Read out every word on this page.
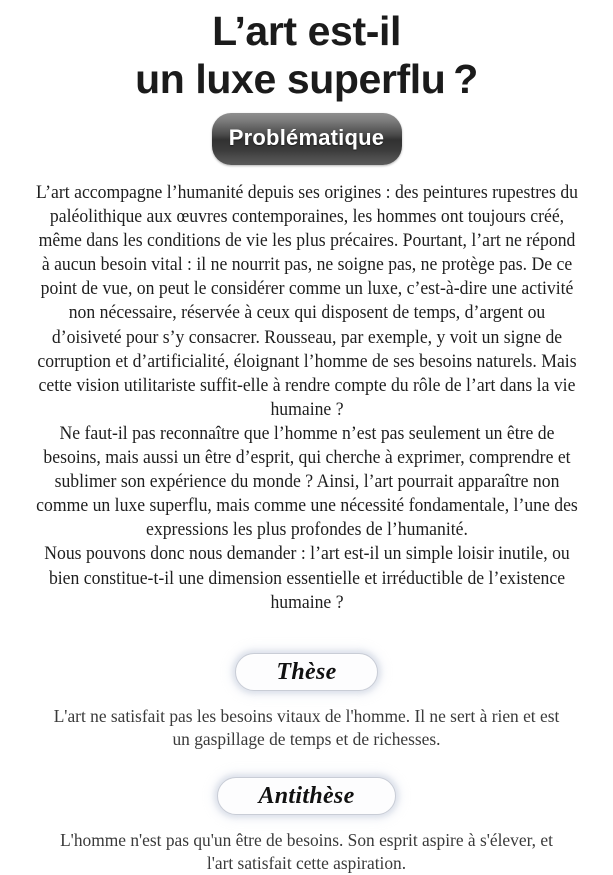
L’art est-il
un luxe superflu ?
Problématique

L’art accompagne l’humanité depuis ses origines : des peintures rupestres du paléolithique aux œuvres contemporaines, les hommes ont toujours créé, même dans les conditions de vie les plus précaires. Pourtant, l’art ne répond à aucun besoin vital : il ne nourrit pas, ne soigne pas, ne protège pas. De ce point de vue, on peut le considérer comme un luxe, c’est-à-dire une activité non nécessaire, réservée à ceux qui disposent de temps, d’argent ou d’oisiveté pour s’y consacrer. Rousseau, par exemple, y voit un signe de corruption et d’artificialité, éloignant l’homme de ses besoins naturels. Mais cette vision utilitariste suffit-elle à rendre compte du rôle de l’art dans la vie humaine ?

Ne faut-il pas reconnaître que l’homme n’est pas seulement un être de besoins, mais aussi un être d’esprit, qui cherche à exprimer, comprendre et sublimer son expérience du monde ? Ainsi, l’art pourrait apparaître non comme un luxe superflu, mais comme une nécessité fondamentale, l’une des expressions les plus profondes de l’humanité.

Nous pouvons donc nous demander : l’art est-il un simple loisir inutile, ou bien constitue-t-il une dimension essentielle et irréductible de l’existence humaine ?

Thèse

L'art ne satisfait pas les besoins vitaux de l'homme. Il ne sert à rien et est un gaspillage de temps et de richesses.

Antithèse

L'homme n'est pas qu'un être de besoins. Son esprit aspire à s'élever, et l'art satisfait cette aspiration.
